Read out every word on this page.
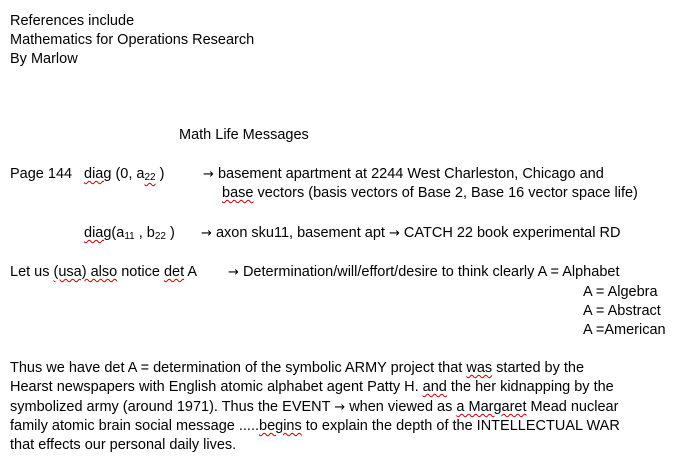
References include
Mathematics for Operations Research
By Marlow
Math Life Messages
Page 144 diag (0, $a_{22}$ )	→ basement apartment at 2244 West Charleston, Chicago and
base vectors (basis vectors of Base 2, Base 16 vector space life)
$diag(a_{11}$ , $b_{22}$ ) → axon sku11, basement apt → CATCH 22 book experimental RD
Let us (usa) also notice det A → Determination/will/effort/desire to think clearly A = Alphabet
A = Algebra
A = Abstract
A =American
Thus we have det A = determination of the symbolic ARMY project that was started by the
Hearst newspapers with English atomic alphabet agent Patty H. and the her kidnapping by the
symbolized army (around 1971). Thus the EVENT → when viewed as a Margaret Mead nuclear
family atomic brain social message .....begins to explain the depth of the INTELLECTUAL WAR
that effects our personal daily lives.
